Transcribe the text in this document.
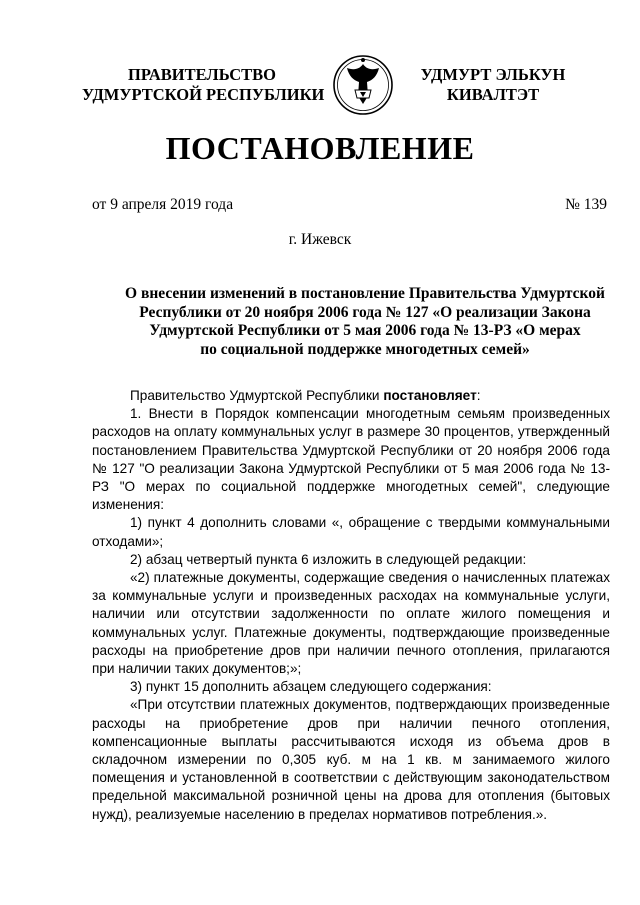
ПРАВИТЕЛЬСТВО
УДМУРТСКОЙ РЕСПУБЛИКИ
УДМУРТ ЭЛЬКУН
КИВАЛТЭТ
ПОСТАНОВЛЕНИЕ
от 9 апреля 2019 года	№ 139
г. Ижевск
О внесении изменений в постановление Правительства Удмуртской
Республики от 20 ноября 2006 года № 127 «О реализации Закона
Удмуртской Республики от 5 мая 2006 года № 13-РЗ «О мерах
по социальной поддержке многодетных семей»

Правительство Удмуртской Республики постановляет:

1. Внести в Порядок компенсации многодетным семьям произведенных расходов на оплату коммунальных услуг в размере 30 процентов, утвержденный постановлением Правительства Удмуртской Республики от 20 ноября 2006 года № 127 "О реализации Закона Удмуртской Республики от 5 мая 2006 года № 13-РЗ "О мерах по социальной поддержке многодетных семей", следующие изменения:

1) пункт 4 дополнить словами «, обращение с твердыми коммунальными отходами»;

2) абзац четвертый пункта 6 изложить в следующей редакции:

«2) платежные документы, содержащие сведения о начисленных платежах за коммунальные услуги и произведенных расходах на коммунальные услуги, наличии или отсутствии задолженности по оплате жилого помещения и коммунальных услуг. Платежные документы, подтверждающие произведенные расходы на приобретение дров при наличии печного отопления, прилагаются при наличии таких документов;»;

3) пункт 15 дополнить абзацем следующего содержания:

«При отсутствии платежных документов, подтверждающих произведенные расходы на приобретение дров при наличии печного отопления, компенсационные выплаты рассчитываются исходя из объема дров в складочном измерении по 0,305 куб. м на 1 кв. м занимаемого жилого помещения и установленной в соответствии с действующим законодательством предельной максимальной розничной цены на дрова для отопления (бытовых нужд), реализуемые населению в пределах нормативов потребления.».
